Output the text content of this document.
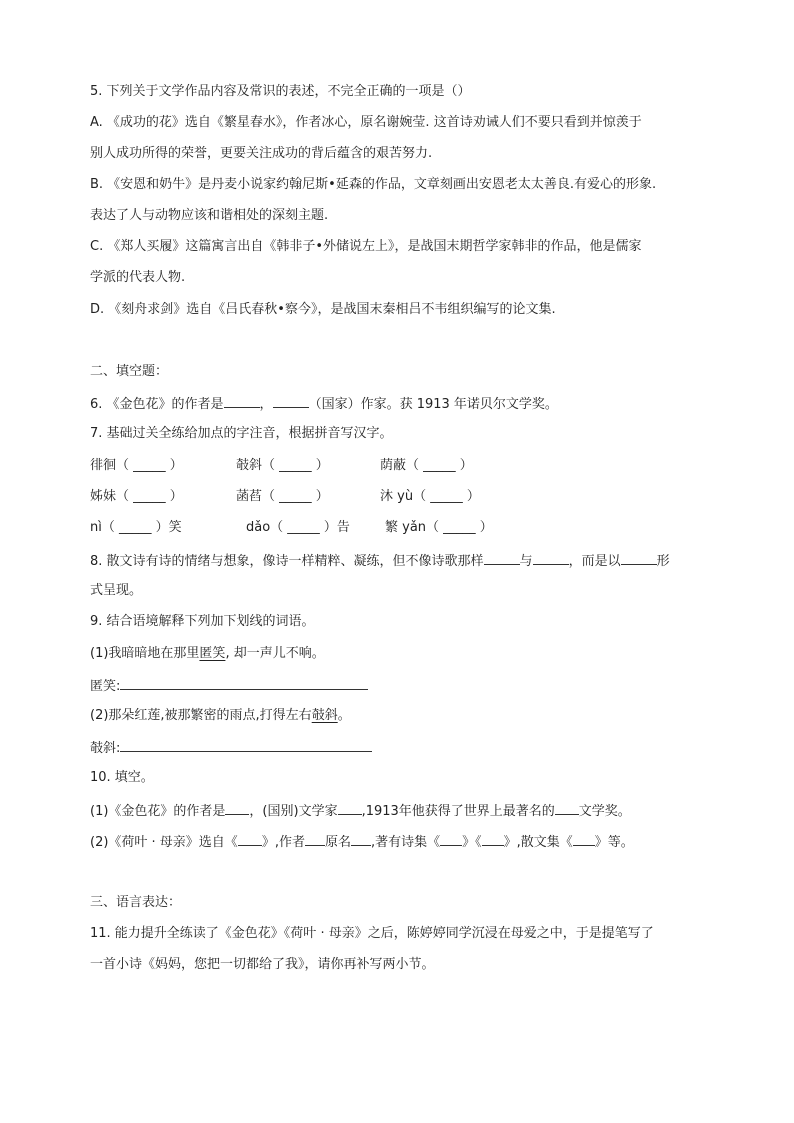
5. 下列关于文学作品内容及常识的表述，不完全正确的一项是（）
A. 《成功的花》选自《繁星春水》，作者冰心，原名谢婉莹. 这首诗劝诫人们不要只看到并惊羡于
别人成功所得的荣誉，更要关注成功的背后蕴含的艰苦努力.
B. 《安恩和奶牛》是丹麦小说家约翰尼斯•延森的作品，文章刻画出安恩老太太善良.有爱心的形象.
表达了人与动物应该和谐相处的深刻主题.
C. 《郑人买履》这篇寓言出自《韩非子•外储说左上》，是战国末期哲学家韩非的作品，他是儒家
学派的代表人物.
D. 《刻舟求剑》选自《吕氏春秋•察今》，是战国末秦相吕不韦组织编写的论文集.
二、填空题：
6. 《金色花》的作者是	，	（国家）作家。获 1913 年诺贝尔文学奖。
7. 基础过关全练给加点的字注音，根据拼音写汉字。
徘徊（ _____ ）	攲斜（ _____ ）	荫蔽（ _____ ）
姊妹（ _____ ）	菡萏（ _____ ）	沐 yù（ _____ ）
nì（ _____ ）笑	dǎo（ _____ ）告	繁 yǎn（ _____ ）
8. 散文诗有诗的情绪与想象，像诗一样精粹、凝练，但不像诗歌那样	与	，而是以	形
式呈现。
9. 结合语境解释下列加下划线的词语。
(1)我暗暗地在那里匿笑, 却一声儿不响。
匿笑:
(2)那朵红莲,被那繁密的雨点,打得左右攲斜。
攲斜:
10. 填空。
(1)《金色花》的作者是 ，(国别)文学家 ,1913年他获得了世界上最著名的 文学奖。
(2)《荷叶 · 母亲》选自《 》,作者 原名 ,著有诗集《 》《 》,散文集《 》等。
三、语言表达：
11. 能力提升全练读了《金色花》《荷叶 · 母亲》之后，陈婷婷同学沉浸在母爱之中，于是提笔写了
一首小诗《妈妈，您把一切都给了我》，请你再补写两小节。
